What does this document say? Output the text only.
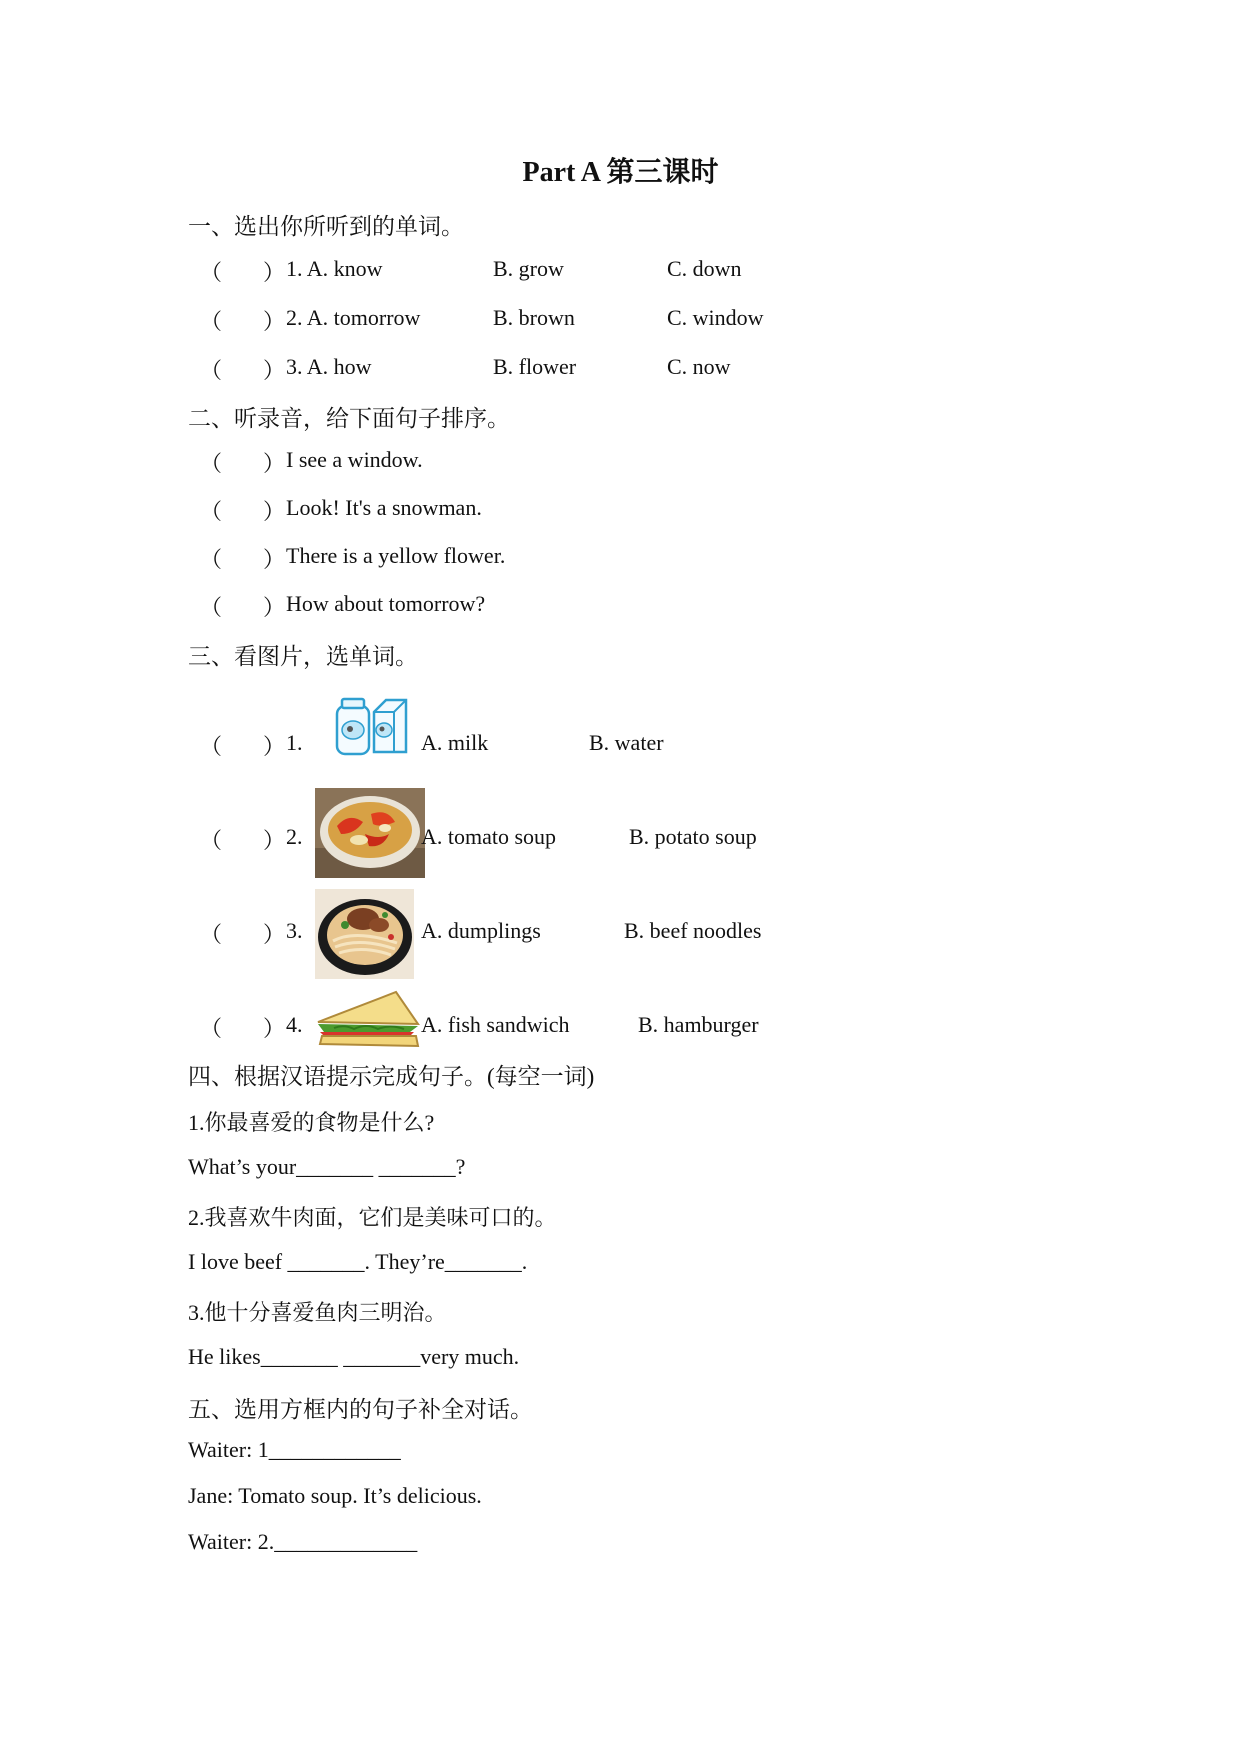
Part A 第三课时
一、选出你所听到的单词。
（ ） 1. A. know	B. grow	C. down
（ ） 2. A. tomorrow	B. brown	C. window
（ ） 3. A. how	B. flower	C. now
二、听录音，给下面句子排序。
（ ） I see a window.
（ ） Look! It's a snowman.
（ ） There is a yellow flower.
（ ） How about tomorrow?
三、看图片，选单词。
（ ） 1.	A. milk	B. water
（ ） 2.	A. tomato soup	B. potato soup
（ ） 3.	A. dumplings	B. beef noodles
（ ） 4.	A. fish sandwich	B. hamburger
四、根据汉语提示完成句子。(每空一词)
1.你最喜爱的食物是什么?
What’s your_______ _______?
2.我喜欢牛肉面，它们是美味可口的。
I love beef _______. They’re_______.
3.他十分喜爱鱼肉三明治。
He likes_______ _______very much.
五、选用方框内的句子补全对话。
Waiter: 1____________
Jane: Tomato soup. It’s delicious.
Waiter: 2._____________
